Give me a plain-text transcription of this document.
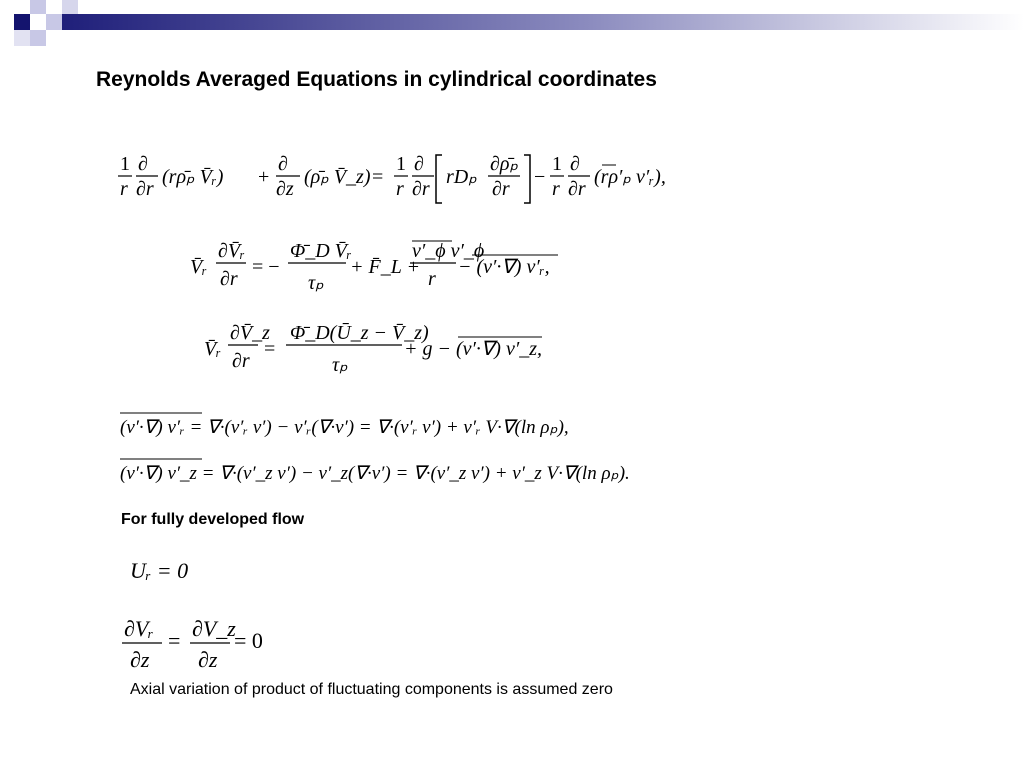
Reynolds Averaged Equations in cylindrical coordinates
1
r
∂
∂r
(rρ̄ₚ V̄ᵣ) +
∂
∂z
(ρ̄ₚ V̄_z) =
1
r
∂
∂r
rDₚ
∂ρ̄ₚ
∂r
−
1
r
∂
∂r
(rρ′ₚ v′ᵣ),
V̄ᵣ
∂V̄ᵣ
∂r
= −
Φ̄_D V̄ᵣ
τₚ
+ F̄_L +
v′_ϕ v′_ϕ
r
− (v′·∇) v′ᵣ,
V̄ᵣ
∂V̄_z
∂r
=
Φ̄_D(Ū_z − V̄_z)
τₚ
+ g − (v′·∇) v′_z,
(v′·∇) v′ᵣ = ∇·(v′ᵣ v′) − v′ᵣ(∇·v′) = ∇·(v′ᵣ v′) + v′ᵣ V·∇(ln ρₚ),
(v′·∇) v′_z = ∇·(v′_z v′) − v′_z(∇·v′) = ∇·(v′_z v′) + v′_z V·∇(ln ρₚ).
For fully developed flow
Uᵣ = 0
∂Vᵣ
∂z
= ∂V_z
∂z
= 0
Axial variation of product of fluctuating components is assumed zero
